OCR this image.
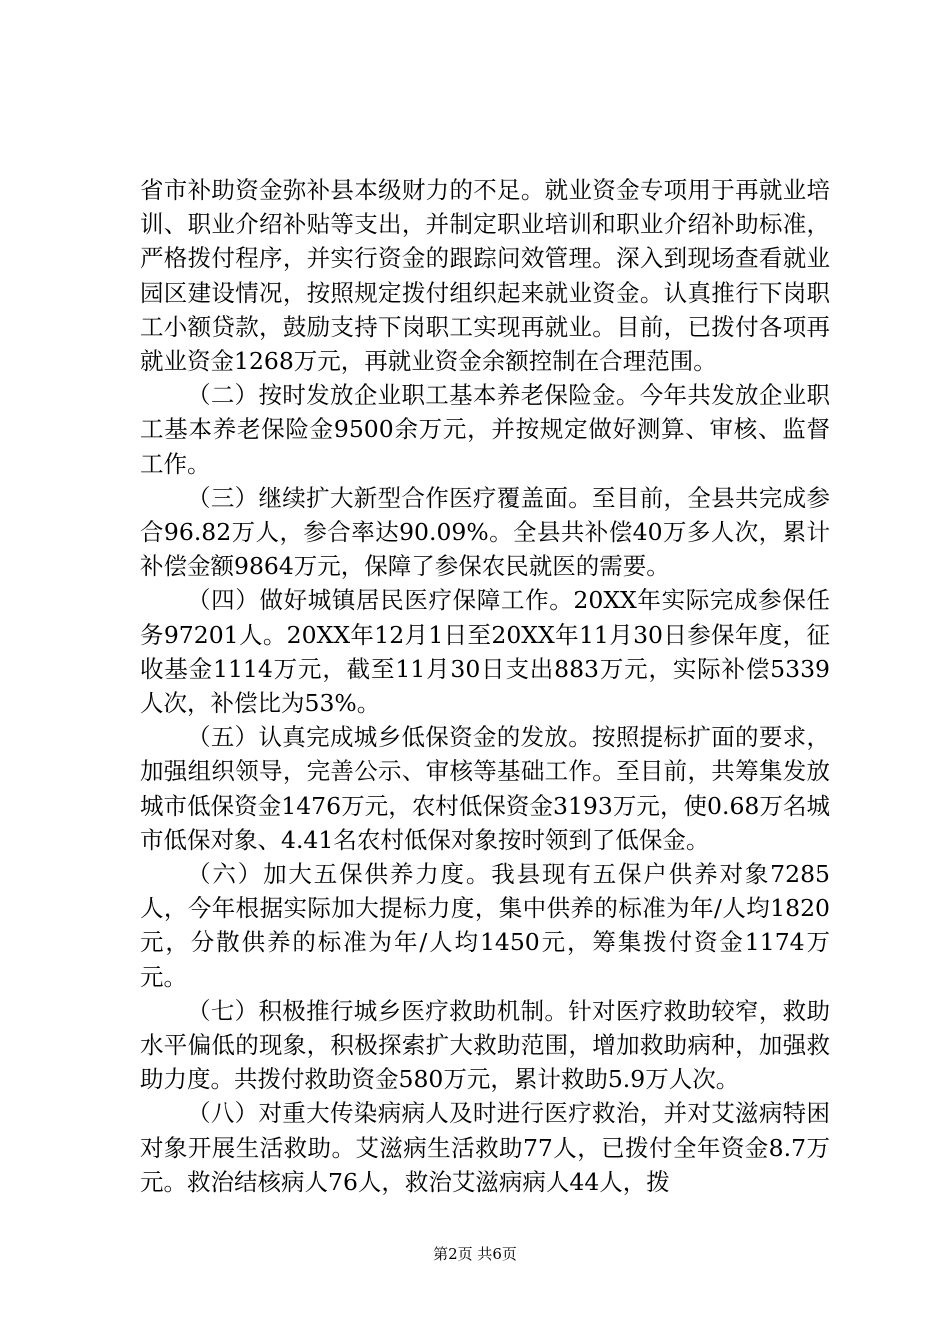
省市补助资金弥补县本级财力的不足。就业资金专项用于再就业培训、职业介绍补贴等支出，并制定职业培训和职业介绍补助标准，严格拨付程序，并实行资金的跟踪问效管理。深入到现场查看就业园区建设情况，按照规定拨付组织起来就业资金。认真推行下岗职工小额贷款，鼓励支持下岗职工实现再就业。目前，已拨付各项再就业资金1268万元，再就业资金余额控制在合理范围。

（二）按时发放企业职工基本养老保险金。今年共发放企业职工基本养老保险金9500余万元，并按规定做好测算、审核、监督工作。

（三）继续扩大新型合作医疗覆盖面。至目前，全县共完成参合96.82万人，参合率达90.09%。全县共补偿40万多人次，累计补偿金额9864万元，保障了参保农民就医的需要。

（四）做好城镇居民医疗保障工作。20XX年实际完成参保任务97201人。20XX年12月1日至20XX年11月30日参保年度，征收基金1114万元，截至11月30日支出883万元，实际补偿5339人次，补偿比为53%。

（五）认真完成城乡低保资金的发放。按照提标扩面的要求，加强组织领导，完善公示、审核等基础工作。至目前，共筹集发放城市低保资金1476万元，农村低保资金3193万元，使0.68万名城市低保对象、4.41名农村低保对象按时领到了低保金。

（六）加大五保供养力度。我县现有五保户供养对象7285人，今年根据实际加大提标力度，集中供养的标准为年/人均1820元，分散供养的标准为年/人均1450元，筹集拨付资金1174万元。

（七）积极推行城乡医疗救助机制。针对医疗救助较窄，救助水平偏低的现象，积极探索扩大救助范围，增加救助病种，加强救助力度。共拨付救助资金580万元，累计救助5.9万人次。

（八）对重大传染病病人及时进行医疗救治，并对艾滋病特困对象开展生活救助。艾滋病生活救助77人，已拨付全年资金8.7万元。救治结核病人76人，救治艾滋病病人44人，拨

第2页 共6页
